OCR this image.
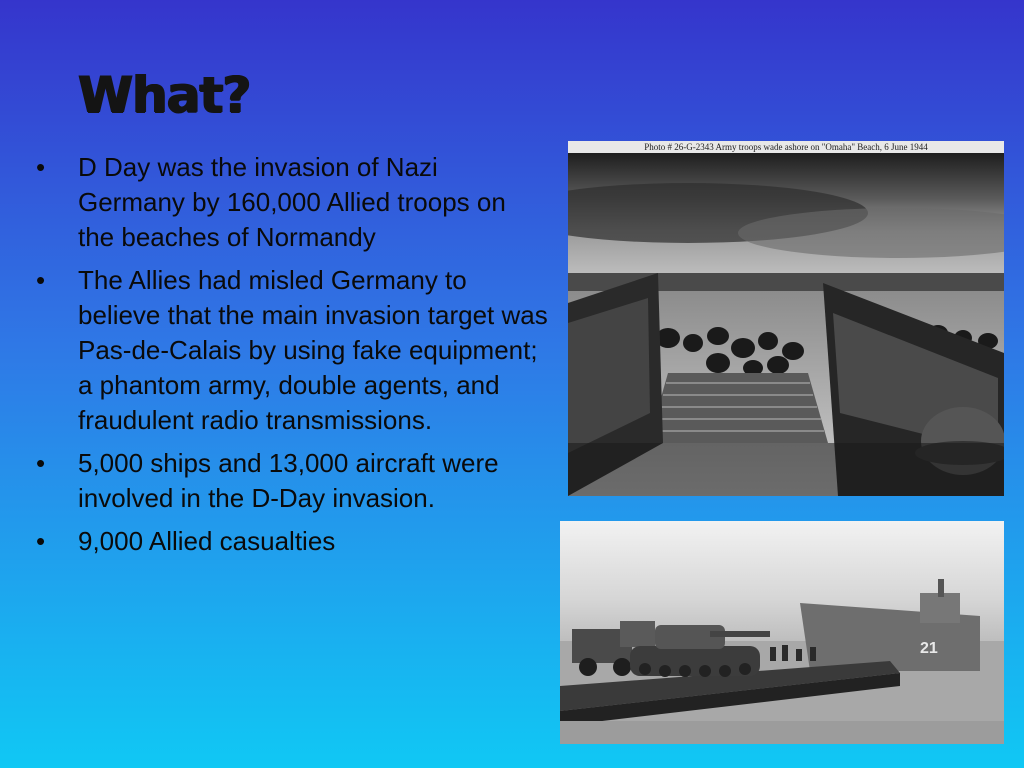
What?
•	D Day was the invasion of Nazi Germany by 160,000 Allied troops on the beaches of Normandy
•	The Allies had misled Germany to believe that the main invasion target was Pas-de-Calais by using fake equipment; a phantom army, double agents, and fraudulent radio transmissions.
•	5,000 ships and 13,000 aircraft were involved in the D-Day invasion.
•	9,000 Allied casualties
Photo # 26-G-2343 Army troops wade ashore on "Omaha" Beach, 6 June 1944
21
